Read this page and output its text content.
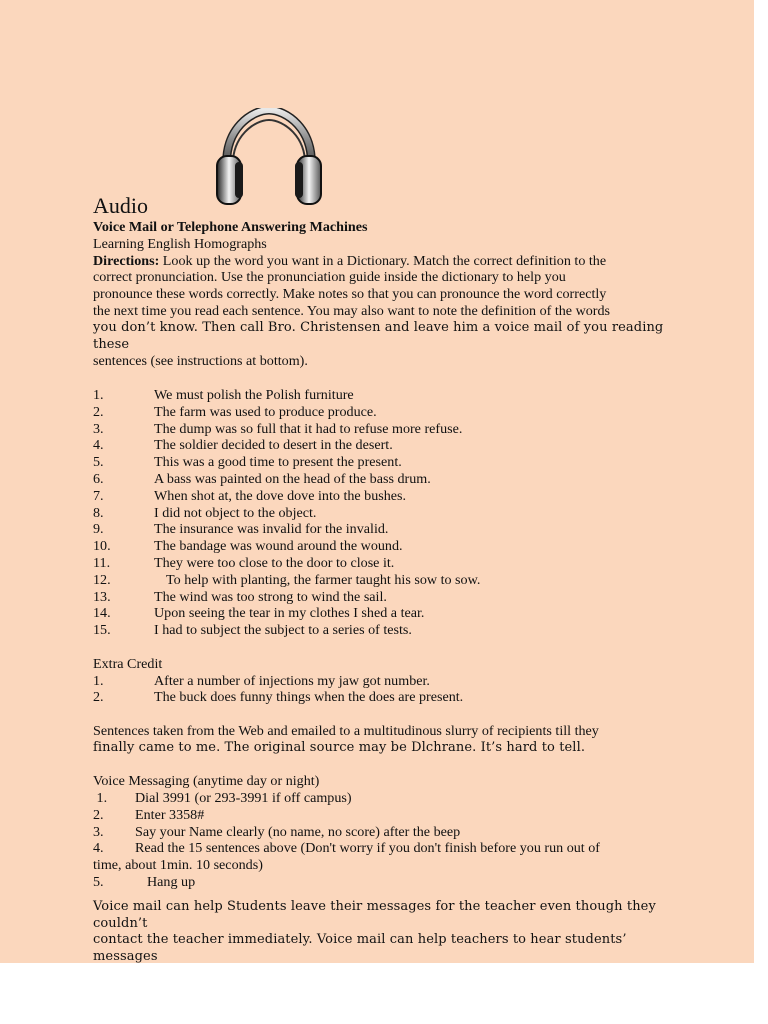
Audio
Voice Mail or Telephone Answering Machines
Learning English Homographs
Directions: Look up the word you want in a Dictionary. Match the correct definition to the
correct pronunciation. Use the pronunciation guide inside the dictionary to help you
pronounce these words correctly. Make notes so that you can pronounce the word correctly
the next time you read each sentence. You may also want to note the definition of the words
you don’t know. Then call Bro. Christensen and leave him a voice mail of you reading these
sentences (see instructions at bottom).
1.	We must polish the Polish furniture
2.	The farm was used to produce produce.
3.	The dump was so full that it had to refuse more refuse.
4.	The soldier decided to desert in the desert.
5.	This was a good time to present the present.
6.	A bass was painted on the head of the bass drum.
7.	When shot at, the dove dove into the bushes.
8.	I did not object to the object.
9.	The insurance was invalid for the invalid.
10.	The bandage was wound around the wound.
11.	They were too close to the door to close it.
12.	To help with planting, the farmer taught his sow to sow.
13.	The wind was too strong to wind the sail.
14.	Upon seeing the tear in my clothes I shed a tear.
15.	I had to subject the subject to a series of tests.
Extra Credit
1.	After a number of injections my jaw got number.
2.	The buck does funny things when the does are present.
Sentences taken from the Web and emailed to a multitudinous slurry of recipients till they
finally came to me. The original source may be Dlchrane. It’s hard to tell.
Voice Messaging (anytime day or night)
1.	Dial 3991 (or 293-3991 if off campus)
2.	Enter 3358#
3.	Say your Name clearly (no name, no score) after the beep
4.	Read the 15 sentences above (Don't worry if you don't finish before you run out of
time, about 1min. 10 seconds)
5.	Hang up
Voice mail can help Students leave their messages for the teacher even though they couldn’t
contact the teacher immediately. Voice mail can help teachers to hear students’ messages
